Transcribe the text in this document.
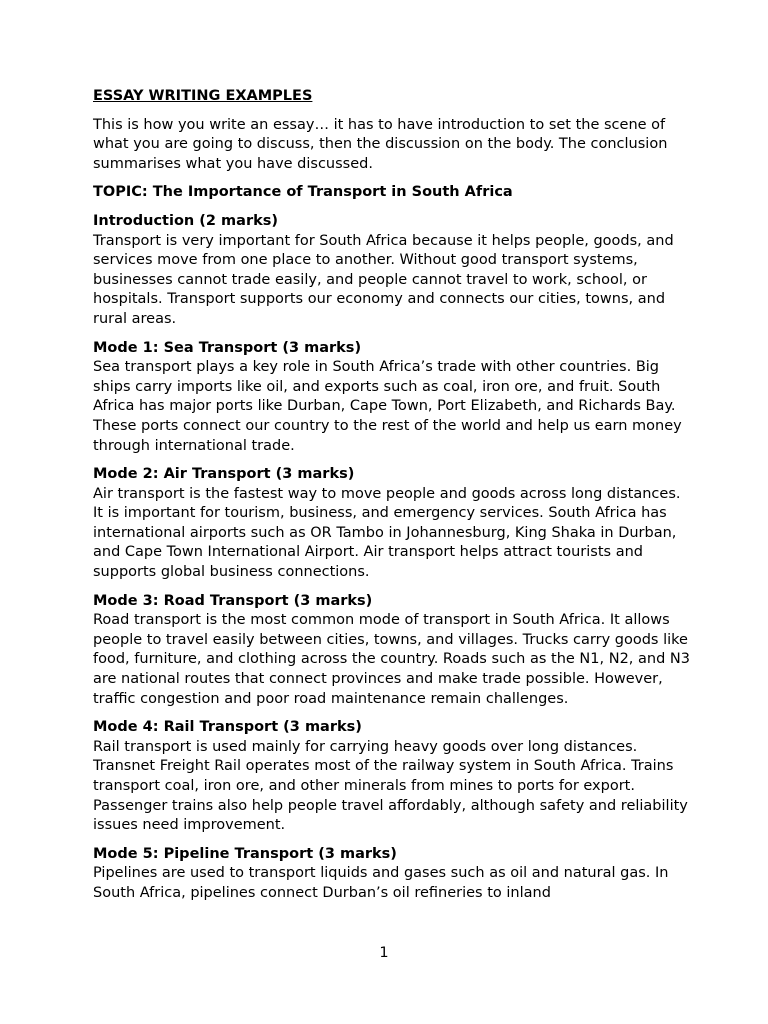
ESSAY WRITING EXAMPLES
This is how you write an essay… it has to have introduction to set the scene of what you are going to discuss, then the discussion on the body. The conclusion summarises what you have discussed.
TOPIC: The Importance of Transport in South Africa
Introduction (2 marks)
Transport is very important for South Africa because it helps people, goods, and services move from one place to another. Without good transport systems, businesses cannot trade easily, and people cannot travel to work, school, or hospitals. Transport supports our economy and connects our cities, towns, and rural areas.
Mode 1: Sea Transport (3 marks)
Sea transport plays a key role in South Africa’s trade with other countries. Big ships carry imports like oil, and exports such as coal, iron ore, and fruit. South Africa has major ports like Durban, Cape Town, Port Elizabeth, and Richards Bay. These ports connect our country to the rest of the world and help us earn money through international trade.
Mode 2: Air Transport (3 marks)
Air transport is the fastest way to move people and goods across long distances. It is important for tourism, business, and emergency services. South Africa has international airports such as OR Tambo in Johannesburg, King Shaka in Durban, and Cape Town International Airport. Air transport helps attract tourists and supports global business connections.
Mode 3: Road Transport (3 marks)
Road transport is the most common mode of transport in South Africa. It allows people to travel easily between cities, towns, and villages. Trucks carry goods like food, furniture, and clothing across the country. Roads such as the N1, N2, and N3 are national routes that connect provinces and make trade possible. However, traffic congestion and poor road maintenance remain challenges.
Mode 4: Rail Transport (3 marks)
Rail transport is used mainly for carrying heavy goods over long distances. Transnet Freight Rail operates most of the railway system in South Africa. Trains transport coal, iron ore, and other minerals from mines to ports for export. Passenger trains also help people travel affordably, although safety and reliability issues need improvement.
Mode 5: Pipeline Transport (3 marks)
Pipelines are used to transport liquids and gases such as oil and natural gas. In South Africa, pipelines connect Durban’s oil refineries to inland
1
